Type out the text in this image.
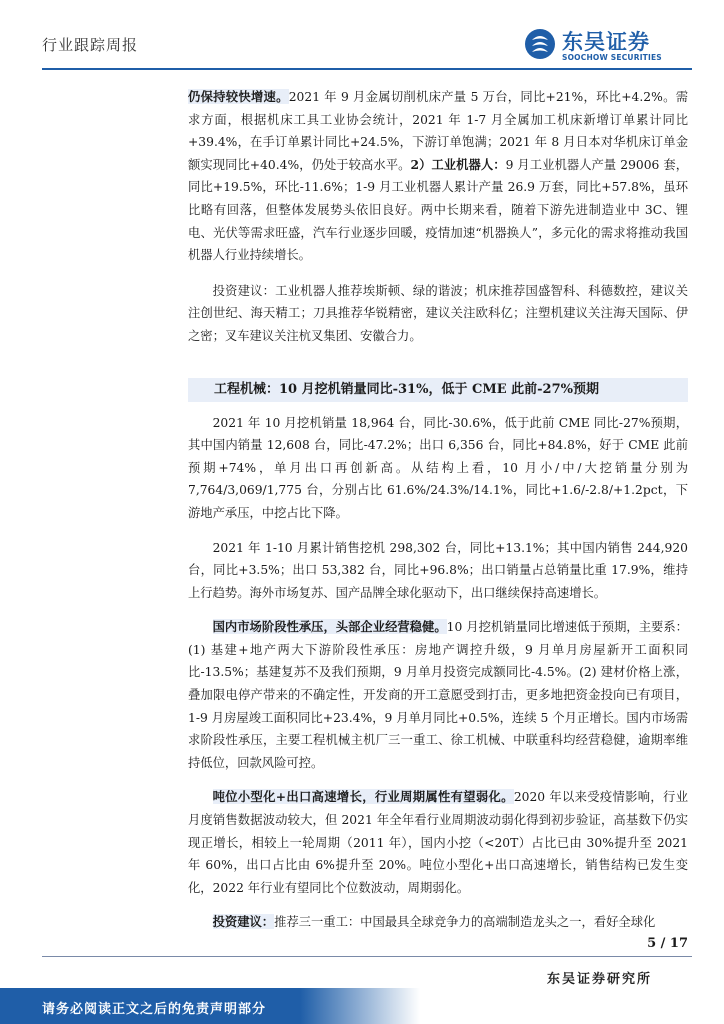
行业跟踪周报	东吴证券
SOOCHOW SECURITIES

仍保持较快增速。2021 年 9 月金属切削机床产量 5 万台，同比+21%，环比+4.2%。需求方面，根据机床工具工业协会统计，2021 年 1-7 月全属加工机床新增订单累计同比+39.4%，在手订单累计同比+24.5%，下游订单饱满；2021 年 8 月日本对华机床订单金额实现同比+40.4%，仍处于较高水平。2）工业机器人：9 月工业机器人产量 29006 套，同比+19.5%，环比-11.6%；1-9 月工业机器人累计产量 26.9 万套，同比+57.8%，虽环比略有回落，但整体发展势头依旧良好。两中长期来看，随着下游先进制造业中 3C、锂电、光伏等需求旺盛，汽车行业逐步回暖，疫情加速“机器换人”，多元化的需求将推动我国机器人行业持续增长。

投资建议：工业机器人推荐埃斯顿、绿的谐波；机床推荐国盛智科、科德数控，建议关注创世纪、海天精工；刀具推荐华锐精密，建议关注欧科亿；注塑机建议关注海天国际、伊之密；叉车建议关注杭叉集团、安徽合力。

工程机械：10 月挖机销量同比-31%，低于 CME 此前-27%预期

2021 年 10 月挖机销量 18,964 台，同比-30.6%，低于此前 CME 同比-27%预期，其中国内销量 12,608 台，同比-47.2%；出口 6,356 台，同比+84.8%，好于 CME 此前预期+74%，单月出口再创新高。从结构上看，10 月小/中/大挖销量分别为 7,764/3,069/1,775 台，分别占比 61.6%/24.3%/14.1%，同比+1.6/-2.8/+1.2pct，下游地产承压，中挖占比下降。

2021 年 1-10 月累计销售挖机 298,302 台，同比+13.1%；其中国内销售 244,920 台，同比+3.5%；出口 53,382 台，同比+96.8%；出口销量占总销量比重 17.9%，维持上行趋势。海外市场复苏、国产品牌全球化驱动下，出口继续保持高速增长。

国内市场阶段性承压，头部企业经营稳健。10 月挖机销量同比增速低于预期，主要系：(1) 基建+地产两大下游阶段性承压：房地产调控升级，9 月单月房屋新开工面积同比-13.5%；基建复苏不及我们预期，9 月单月投资完成额同比-4.5%。(2) 建材价格上涨，叠加限电停产带来的不确定性，开发商的开工意愿受到打击，更多地把资金投向已有项目，1-9 月房屋竣工面积同比+23.4%，9 月单月同比+0.5%，连续 5 个月正增长。国内市场需求阶段性承压，主要工程机械主机厂三一重工、徐工机械、中联重科均经营稳健，逾期率维持低位，回款风险可控。

吨位小型化+出口高速增长，行业周期属性有望弱化。2020 年以来受疫情影响，行业月度销售数据波动较大，但 2021 年全年看行业周期波动弱化得到初步验证，高基数下仍实现正增长，相较上一轮周期（2011 年），国内小挖（<20T）占比已由 30%提升至 2021 年 60%，出口占比由 6%提升至 20%。吨位小型化+出口高速增长，销售结构已发生变化，2022 年行业有望同比个位数波动，周期弱化。

投资建议：推荐三一重工：中国最具全球竞争力的高端制造龙头之一，看好全球化

5 / 17
东吴证券研究所
请务必阅读正文之后的免责声明部分
